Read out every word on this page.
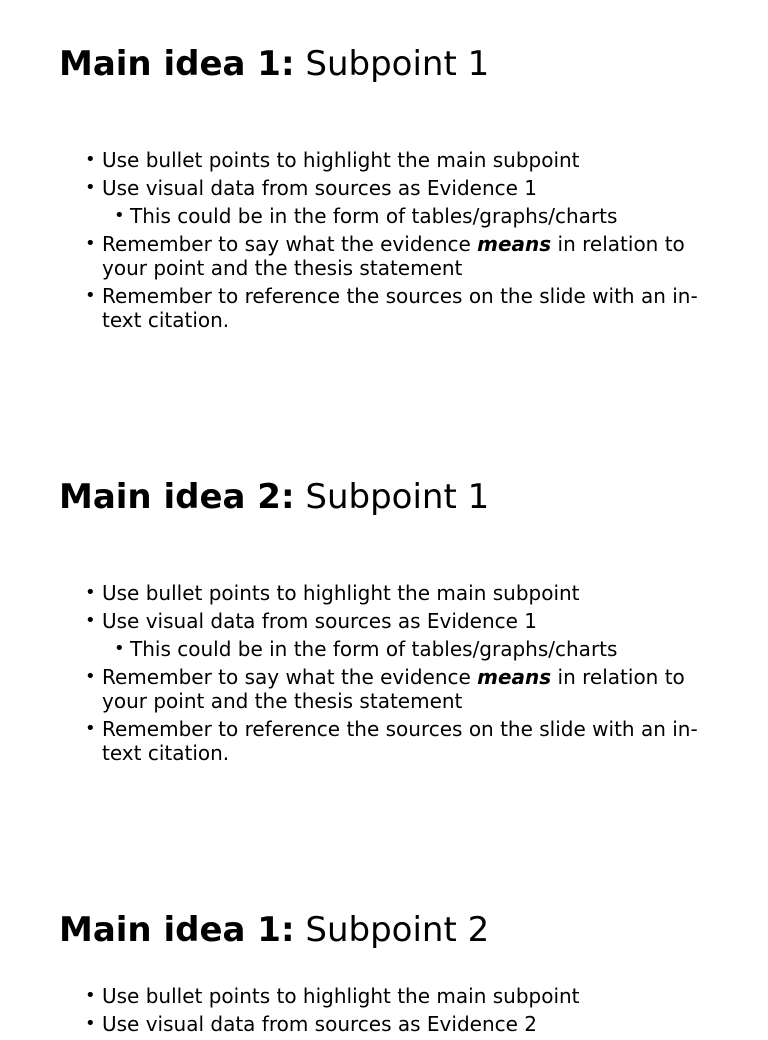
Main idea 1: Subpoint 1
• Use bullet points to highlight the main subpoint
• Use visual data from sources as Evidence 1
• This could be in the form of tables/graphs/charts
• Remember to say what the evidence means in relation to your point and the thesis statement
• Remember to reference the sources on the slide with an in-text citation.
Main idea 2: Subpoint 1
• Use bullet points to highlight the main subpoint
• Use visual data from sources as Evidence 1
• This could be in the form of tables/graphs/charts
• Remember to say what the evidence means in relation to your point and the thesis statement
• Remember to reference the sources on the slide with an in-text citation.
Main idea 1: Subpoint 2
• Use bullet points to highlight the main subpoint
• Use visual data from sources as Evidence 2
